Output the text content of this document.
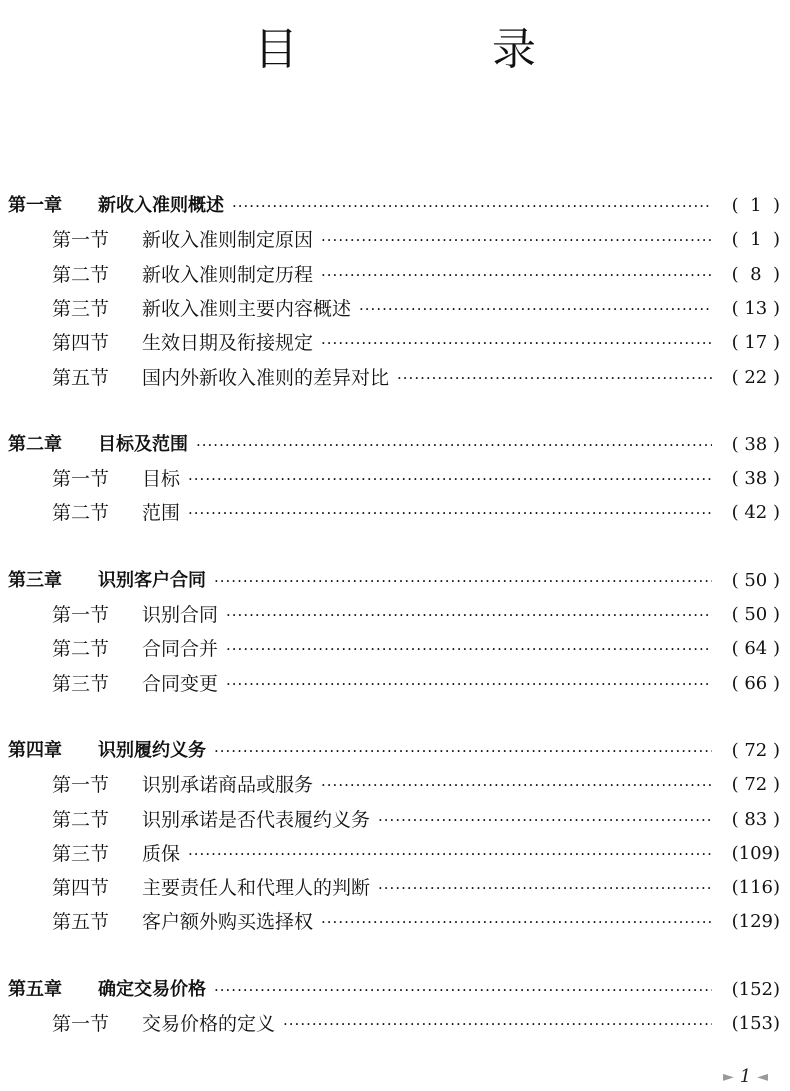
目 录
第一章	新收入准则概述 ·····	(  1  )
第一节	新收入准则制定原因 ·····	(  1  )
第二节	新收入准则制定历程 ·····	(  8  )
第三节	新收入准则主要内容概述 ·····	( 13 )
第四节	生效日期及衔接规定 ·····	( 17 )
第五节	国内外新收入准则的差异对比 ·····	( 22 )
第二章	目标及范围 ·····	( 38 )
第一节	目标 ·····	( 38 )
第二节	范围 ·····	( 42 )
第三章	识别客户合同 ·····	( 50 )
第一节	识别合同 ·····	( 50 )
第二节	合同合并 ·····	( 64 )
第三节	合同变更 ·····	( 66 )
第四章	识别履约义务 ·····	( 72 )
第一节	识别承诺商品或服务 ·····	( 72 )
第二节	识别承诺是否代表履约义务 ·····	( 83 )
第三节	质保 ·····	(109)
第四节	主要责任人和代理人的判断 ·····	(116)
第五节	客户额外购买选择权 ·····	(129)
第五章	确定交易价格 ·····	(152)
第一节	交易价格的定义 ·····	(153)
► 1 ◄
